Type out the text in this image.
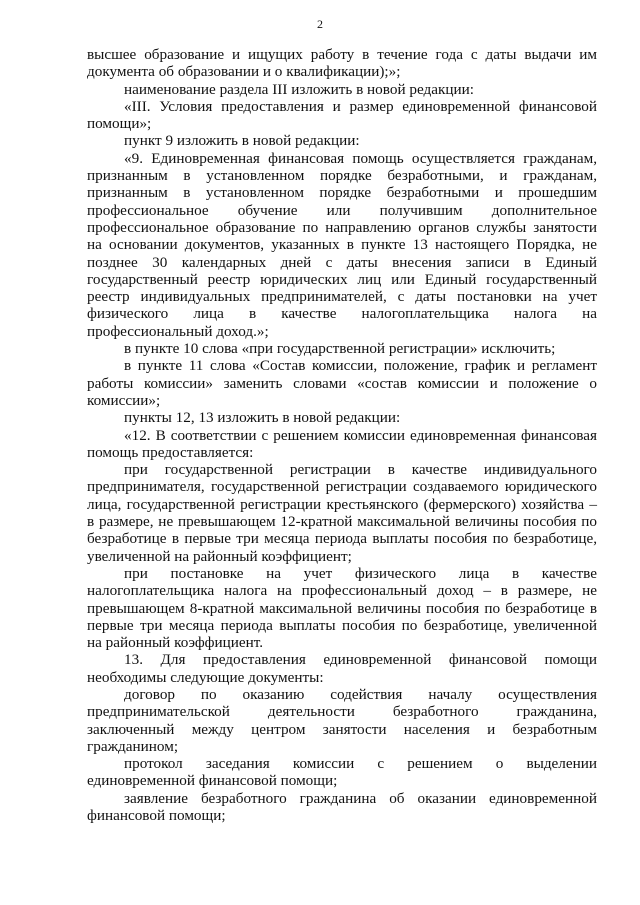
2

высшее образование и ищущих работу в течение года с даты выдачи им

документа об образовании и о квалификации);»;

наименование раздела III изложить в новой редакции:

«III. Условия предоставления и размер единовременной финансовой

помощи»;

пункт 9 изложить в новой редакции:

«9. Единовременная финансовая помощь осуществляется гражданам,

признанным в установленном порядке безработными, и гражданам,

признанным в установленном порядке безработными и прошедшим

профессиональное обучение или получившим дополнительное

профессиональное образование по направлению органов службы занятости

на основании документов, указанных в пункте 13 настоящего Порядка, не

позднее 30 календарных дней с даты внесения записи в Единый

государственный реестр юридических лиц или Единый государственный

реестр индивидуальных предпринимателей, с даты постановки на учет

физического лица в качестве налогоплательщика налога на

профессиональный доход.»;

в пункте 10 слова «при государственной регистрации» исключить;

в пункте 11 слова «Состав комиссии, положение, график и регламент

работы комиссии» заменить словами «состав комиссии и положение о

комиссии»;

пункты 12, 13 изложить в новой редакции:

«12. В соответствии с решением комиссии единовременная финансовая

помощь предоставляется:

при государственной регистрации в качестве индивидуального

предпринимателя, государственной регистрации создаваемого юридического

лица, государственной регистрации крестьянского (фермерского) хозяйства –

в размере, не превышающем 12-кратной максимальной величины пособия по

безработице в первые три месяца периода выплаты пособия по безработице,

увеличенной на районный коэффициент;

при постановке на учет физического лица в качестве

налогоплательщика налога на профессиональный доход – в размере, не

превышающем 8-кратной максимальной величины пособия по безработице в

первые три месяца периода выплаты пособия по безработице, увеличенной

на районный коэффициент.

13. Для предоставления единовременной финансовой помощи

необходимы следующие документы:

договор по оказанию содействия началу осуществления

предпринимательской деятельности безработного гражданина,

заключенный между центром занятости населения и безработным

гражданином;

протокол заседания комиссии с решением о выделении

единовременной финансовой помощи;

заявление безработного гражданина об оказании единовременной

финансовой помощи;
